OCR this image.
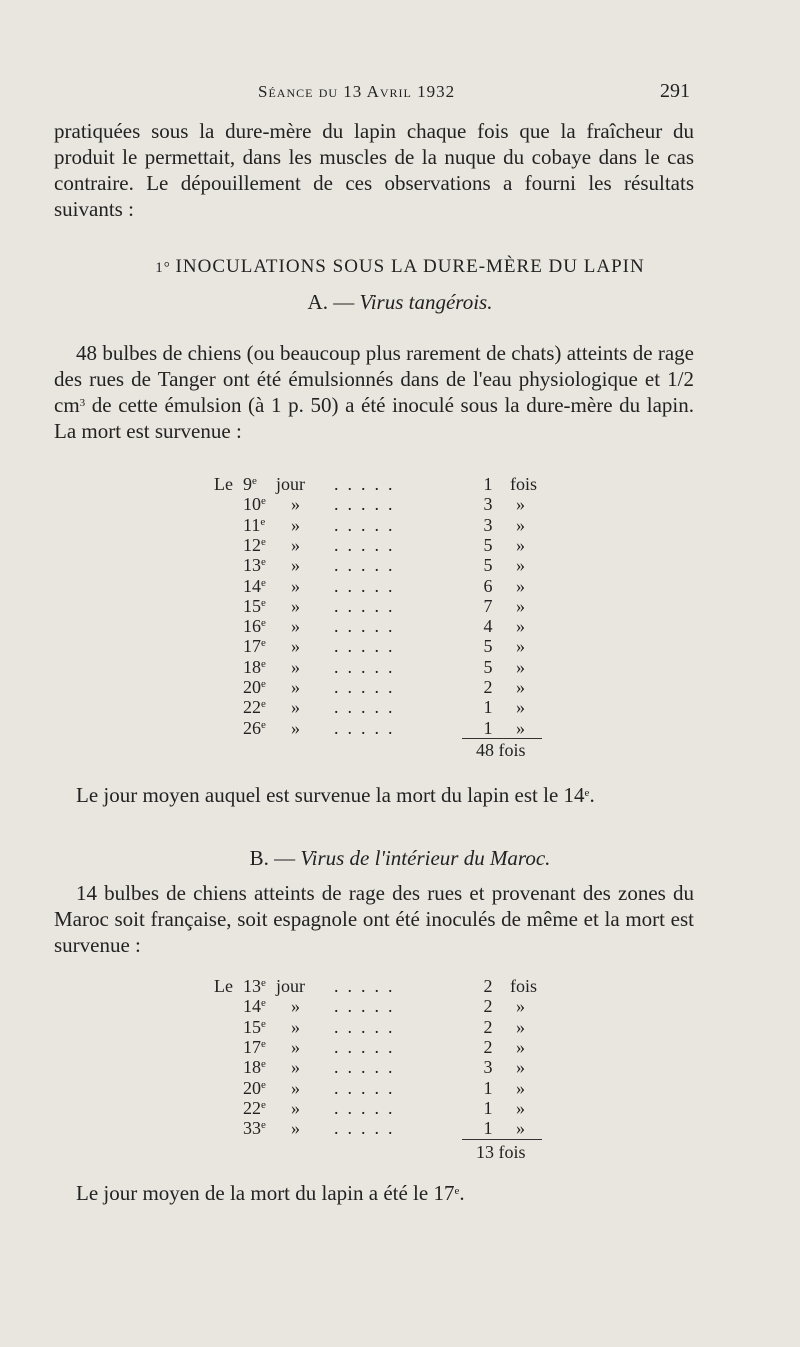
Séance du 13 Avril 1932	291

pratiquées sous la dure-mère du lapin chaque fois que la fraîcheur du produit le permettait, dans les muscles de la nuque du cobaye dans le cas contraire. Le dépouillement de ces observations a fourni les résultats suivants :

1° INOCULATIONS SOUS LA DURE-MÈRE DU LAPIN
A. — Virus tangérois.

48 bulbes de chiens (ou beaucoup plus rarement de chats) atteints de rage des rues de Tanger ont été émulsionnés dans de l'eau physiologique et 1/2 $cm^3$ de cette émulsion (à 1 p. 50) a été inoculé sous la dure-mère du lapin. La mort est survenue :

Le 9e	jour .....	1 fois
10e	» .....	3	»
11e	» .....	3	»
12e	» .....	5	»
13e	» .....	5	»
14e	» .....	6	»
15e	» .....	7	»
16e	» .....	4	»
17e	» .....	5	»
18e	» .....	5	»
20e	» .....	2	»
22e	» .....	1	»
26e	» .....	1	»
48 fois

Le jour moyen auquel est survenue la mort du lapin est le 14e.

B. — Virus de l'intérieur du Maroc.

14 bulbes de chiens atteints de rage des rues et provenant des zones du Maroc soit française, soit espagnole ont été inoculés de même et la mort est survenue :

Le 13e jour .....	2 fois
14e	» .....	2	»
15e	» .....	2	»
17e	» .....	2	»
18e	» .....	3	»
20e	» .....	1	»
22e	» .....	1	»
33e	» .....	1	»
13 fois

Le jour moyen de la mort du lapin a été le 17e.
